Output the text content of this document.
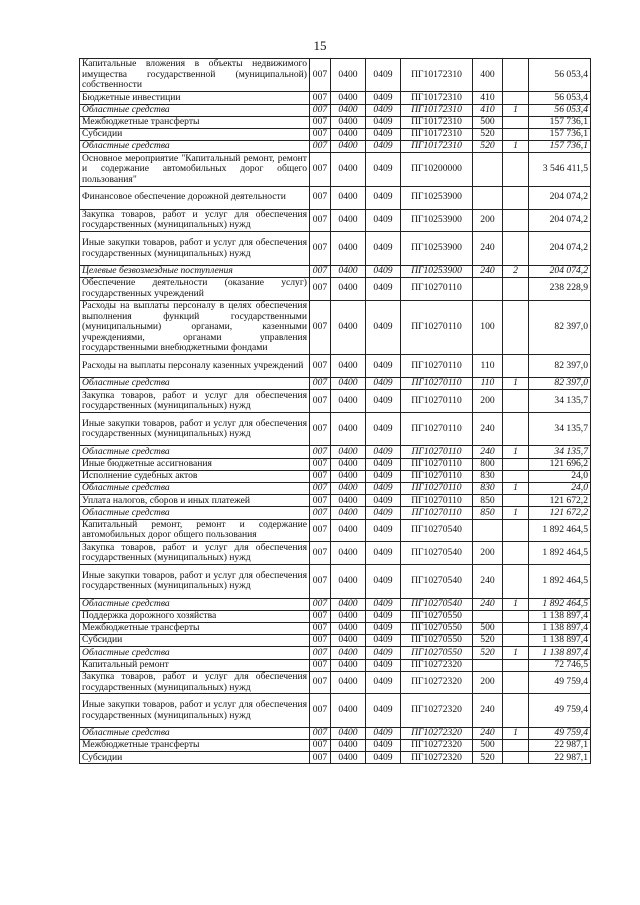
15
Капитальные вложения в объекты недвижимого имущества государственной (муниципальной) собственности	007	0400	0409	ПГ10172310	400		56 053,4
Бюджетные инвестиции	007	0400	0409	ПГ10172310	410		56 053,4
Областные средства	007	0400	0409	ПГ10172310	410	1	56 053,4
Межбюджетные трансферты	007	0400	0409	ПГ10172310	500		157 736,1
Субсидии	007	0400	0409	ПГ10172310	520		157 736,1
Областные средства	007	0400	0409	ПГ10172310	520	1	157 736,1
Основное мероприятие "Капитальный ремонт, ремонт и содержание автомобильных дорог общего пользования"	007	0400	0409	ПГ10200000			3 546 411,5
Финансовое обеспечение дорожной деятельности	007	0400	0409	ПГ10253900			204 074,2
Закупка товаров, работ и услуг для обеспечения государственных (муниципальных) нужд	007	0400	0409	ПГ10253900	200		204 074,2
Иные закупки товаров, работ и услуг для обеспечения государственных (муниципальных) нужд	007	0400	0409	ПГ10253900	240		204 074,2
Целевые безвозмездные поступления	007	0400	0409	ПГ10253900	240	2	204 074,2
Обеспечение деятельности (оказание услуг) государственных учреждений	007	0400	0409	ПГ10270110			238 228,9
Расходы на выплаты персоналу в целях обеспечения выполнения функций государственными (муниципальными) органами, казенными учреждениями, органами управления государственными внебюджетными фондами	007	0400	0409	ПГ10270110	100		82 397,0
Расходы на выплаты персоналу казенных учреждений	007	0400	0409	ПГ10270110	110		82 397,0
Областные средства	007	0400	0409	ПГ10270110	110	1	82 397,0
Закупка товаров, работ и услуг для обеспечения государственных (муниципальных) нужд	007	0400	0409	ПГ10270110	200		34 135,7
Иные закупки товаров, работ и услуг для обеспечения государственных (муниципальных) нужд	007	0400	0409	ПГ10270110	240		34 135,7
Областные средства	007	0400	0409	ПГ10270110	240	1	34 135,7
Иные бюджетные ассигнования	007	0400	0409	ПГ10270110	800		121 696,2
Исполнение судебных актов	007	0400	0409	ПГ10270110	830		24,0
Областные средства	007	0400	0409	ПГ10270110	830	1	24,0
Уплата налогов, сборов и иных платежей	007	0400	0409	ПГ10270110	850		121 672,2
Областные средства	007	0400	0409	ПГ10270110	850	1	121 672,2
Капитальный ремонт, ремонт и содержание автомобильных дорог общего пользования	007	0400	0409	ПГ10270540			1 892 464,5
Закупка товаров, работ и услуг для обеспечения государственных (муниципальных) нужд	007	0400	0409	ПГ10270540	200		1 892 464,5
Иные закупки товаров, работ и услуг для обеспечения государственных (муниципальных) нужд	007	0400	0409	ПГ10270540	240		1 892 464,5
Областные средства	007	0400	0409	ПГ10270540	240	1	1 892 464,5
Поддержка дорожного хозяйства	007	0400	0409	ПГ10270550			1 138 897,4
Межбюджетные трансферты	007	0400	0409	ПГ10270550	500		1 138 897,4
Субсидии	007	0400	0409	ПГ10270550	520		1 138 897,4
Областные средства	007	0400	0409	ПГ10270550	520	1	1 138 897,4
Капитальный ремонт	007	0400	0409	ПГ10272320			72 746,5
Закупка товаров, работ и услуг для обеспечения государственных (муниципальных) нужд	007	0400	0409	ПГ10272320	200		49 759,4
Иные закупки товаров, работ и услуг для обеспечения государственных (муниципальных) нужд	007	0400	0409	ПГ10272320	240		49 759,4
Областные средства	007	0400	0409	ПГ10272320	240	1	49 759,4
Межбюджетные трансферты	007	0400	0409	ПГ10272320	500		22 987,1
Субсидии	007	0400	0409	ПГ10272320	520		22 987,1
